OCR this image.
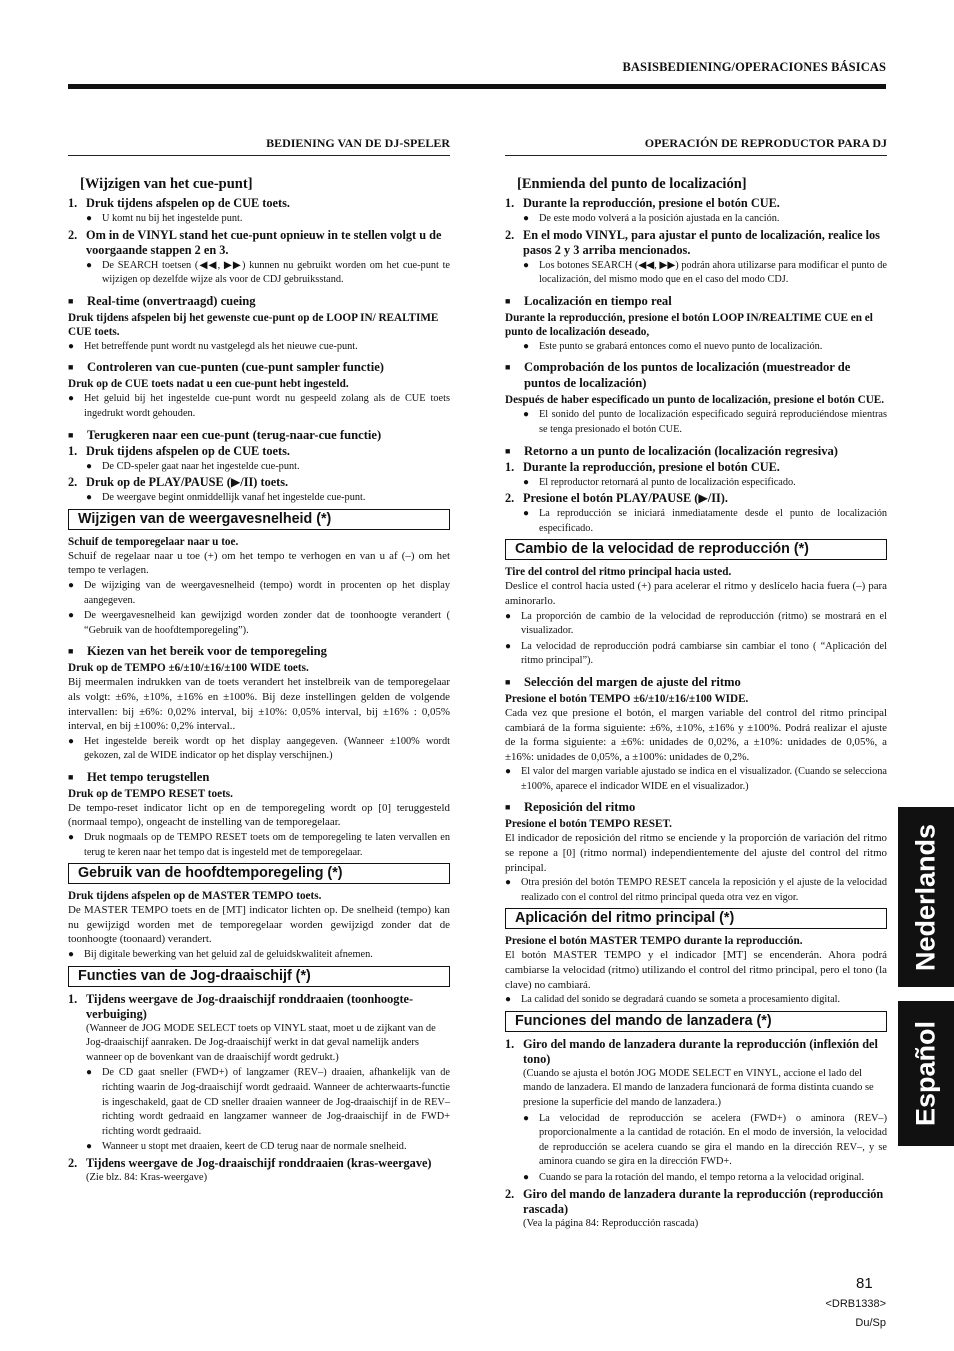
BASISBEDIENING/OPERACIONES BÁSICAS
BEDIENING VAN DE DJ-SPELER
[Wijzigen van het cue-punt]
1. Druk tijdens afspelen op de CUE toets.
● U komt nu bij het ingestelde punt.
2. Om in de VINYL stand het cue-punt opnieuw in te stellen volgt u de voorgaande stappen 2 en 3.
● De SEARCH toetsen (◀◀, ▶▶) kunnen nu gebruikt worden om het cue-punt te wijzigen op dezelfde wijze als voor de CDJ gebruiksstand.
■	Real-time (onvertraagd) cueing
Druk tijdens afspelen bij het gewenste cue-punt op de LOOP IN/ REALTIME CUE toets.
● Het betreffende punt wordt nu vastgelegd als het nieuwe cue-punt.
■	Controleren van cue-punten (cue-punt sampler functie)
Druk op de CUE toets nadat u een cue-punt hebt ingesteld.
● Het geluid bij het ingestelde cue-punt wordt nu gespeeld zolang als de CUE toets ingedrukt wordt gehouden.
■	Terugkeren naar een cue-punt (terug-naar-cue functie)
1. Druk tijdens afspelen op de CUE toets.
● De CD-speler gaat naar het ingestelde cue-punt.
2. Druk op de PLAY/PAUSE (▶/II) toets.
● De weergave begint onmiddellijk vanaf het ingestelde cue-punt.
Wijzigen van de weergavesnelheid (*)
Schuif de temporegelaar naar u toe.
Schuif de regelaar naar u toe (+) om het tempo te verhogen en van u af (–) om het tempo te verlagen.
● De wijziging van de weergavesnelheid (tempo) wordt in procenten op het display aangegeven.
● De weergavesnelheid kan gewijzigd worden zonder dat de toonhoogte verandert ( “Gebruik van de hoofdtemporegeling”).
■	Kiezen van het bereik voor de temporegeling
Druk op de TEMPO ±6/±10/±16/±100 WIDE toets.
Bij meermalen indrukken van de toets verandert het instelbreik van de temporegelaar als volgt: ±6%, ±10%, ±16% en ±100%. Bij deze instellingen gelden de volgende intervallen: bij ±6%: 0,02% interval, bij ±10%: 0,05% interval, bij ±16% : 0,05% interval, en bij ±100%: 0,2% interval..
● Het ingestelde bereik wordt op het display aangegeven. (Wanneer ±100% wordt gekozen, zal de WIDE indicator op het display verschijnen.)
■	Het tempo terugstellen
Druk op de TEMPO RESET toets.
De tempo-reset indicator licht op en de temporegeling wordt op [0] teruggesteld (normaal tempo), ongeacht de instelling van de temporegelaar.
● Druk nogmaals op de TEMPO RESET toets om de temporegeling te laten vervallen en terug te keren naar het tempo dat is ingesteld met de temporegelaar.
Gebruik van de hoofdtemporegeling (*)
Druk tijdens afspelen op de MASTER TEMPO toets.
De MASTER TEMPO toets en de [MT] indicator lichten op. De snelheid (tempo) kan nu gewijzigd worden met de temporegelaar worden gewijzigd zonder dat de toonhoogte (toonaard) verandert.
● Bij digitale bewerking van het geluid zal de geluidskwaliteit afnemen.
Functies van de Jog-draaischijf (*)
1. Tijdens weergave de Jog-draaischijf ronddraaien (toonhoogte-verbuiging)
(Wanneer de JOG MODE SELECT toets op VINYL staat, moet u de zijkant van de Jog-draaischijf aanraken. De Jog-draaischijf werkt in dat geval namelijk anders wanneer op de bovenkant van de draaischijf wordt gedrukt.)
● De CD gaat sneller (FWD+) of langzamer (REV–) draaien, afhankelijk van de richting waarin de Jog-draaischijf wordt gedraaid. Wanneer de achterwaarts-functie is ingeschakeld, gaat de CD sneller draaien wanneer de Jog-draaischijf in de REV– richting wordt gedraaid en langzamer wanneer de Jog-draaischijf in de FWD+ richting wordt gedraaid.
● Wanneer u stopt met draaien, keert de CD terug naar de normale snelheid.
2. Tijdens weergave de Jog-draaischijf ronddraaien (kras-weergave)
(Zie blz. 84: Kras-weergave)
OPERACIÓN DE REPRODUCTOR PARA DJ
[Enmienda del punto de localización]
1. Durante la reproducción, presione el botón CUE.
● De este modo volverá a la posición ajustada en la canción.
2. En el modo VINYL, para ajustar el punto de localización, realice los pasos 2 y 3 arriba mencionados.
● Los botones SEARCH (◀◀, ▶▶) podrán ahora utilizarse para modificar el punto de localización, del mismo modo que en el caso del modo CDJ.
■	Localización en tiempo real
Durante la reproducción, presione el botón LOOP IN/REALTIME CUE en el punto de localización deseado,
● Este punto se grabará entonces como el nuevo punto de localización.
■	Comprobación de los puntos de localización (muestreador de puntos de localización)
Después de haber especificado un punto de localización, presione el botón CUE.
● El sonido del punto de localización especificado seguirá reproduciéndose mientras se tenga presionado el botón CUE.
■	Retorno a un punto de localización (localización regresiva)
1. Durante la reproducción, presione el botón CUE.
● El reproductor retornará al punto de localización especificado.
2. Presione el botón PLAY/PAUSE (▶/II).
● La reproducción se iniciará inmediatamente desde el punto de localización especificado.
Cambio de la velocidad de reproducción (*)
Tire del control del ritmo principal hacia usted.
Deslice el control hacia usted (+) para acelerar el ritmo y deslícelo hacia fuera (–) para aminorarlo.
● La proporción de cambio de la velocidad de reproducción (ritmo) se mostrará en el visualizador.
● La velocidad de reproducción podrá cambiarse sin cambiar el tono ( “Aplicación del ritmo principal”).
■	Selección del margen de ajuste del ritmo
Presione el botón TEMPO ±6/±10/±16/±100 WIDE.
Cada vez que presione el botón, el margen variable del control del ritmo principal cambiará de la forma siguiente: ±6%, ±10%, ±16% y ±100%. Podrá realizar el ajuste de la forma siguiente: a ±6%: unidades de 0,02%, a ±10%: unidades de 0,05%, a ±16%: unidades de 0,05%, a ±100%: unidades de 0,2%.
● El valor del margen variable ajustado se indica en el visualizador. (Cuando se selecciona ±100%, aparece el indicador WIDE en el visualizador.)
■	Reposición del ritmo
Presione el botón TEMPO RESET.
El indicador de reposición del ritmo se enciende y la proporción de variación del ritmo se repone a [0] (ritmo normal) independientemente del ajuste del control del ritmo principal.
● Otra presión del botón TEMPO RESET cancela la reposición y el ajuste de la velocidad realizado con el control del ritmo principal queda otra vez en vigor.
Aplicación del ritmo principal (*)
Presione el botón MASTER TEMPO durante la reproducción.
El botón MASTER TEMPO y el indicador [MT] se encenderán. Ahora podrá cambiarse la velocidad (ritmo) utilizando el control del ritmo principal, pero el tono (la clave) no cambiará.
● La calidad del sonido se degradará cuando se someta a procesamiento digital.
Funciones del mando de lanzadera (*)
1. Giro del mando de lanzadera durante la reproducción (inflexión del tono)
(Cuando se ajusta el botón JOG MODE SELECT en VINYL, accione el lado del mando de lanzadera. El mando de lanzadera funcionará de forma distinta cuando se presione la superficie del mando de lanzadera.)
● La velocidad de reproducción se acelera (FWD+) o aminora (REV–) proporcionalmente a la cantidad de rotación. En el modo de inversión, la velocidad de reproducción se acelera cuando se gira el mando en la dirección REV–, y se aminora cuando se gira en la dirección FWD+.
● Cuando se para la rotación del mando, el tempo retorna a la velocidad original.
2. Giro del mando de lanzadera durante la reproducción (reproducción rascada)
(Vea la página 84: Reproducción rascada)
Nederlands
Español
81
<DRB1338>
Du/Sp
